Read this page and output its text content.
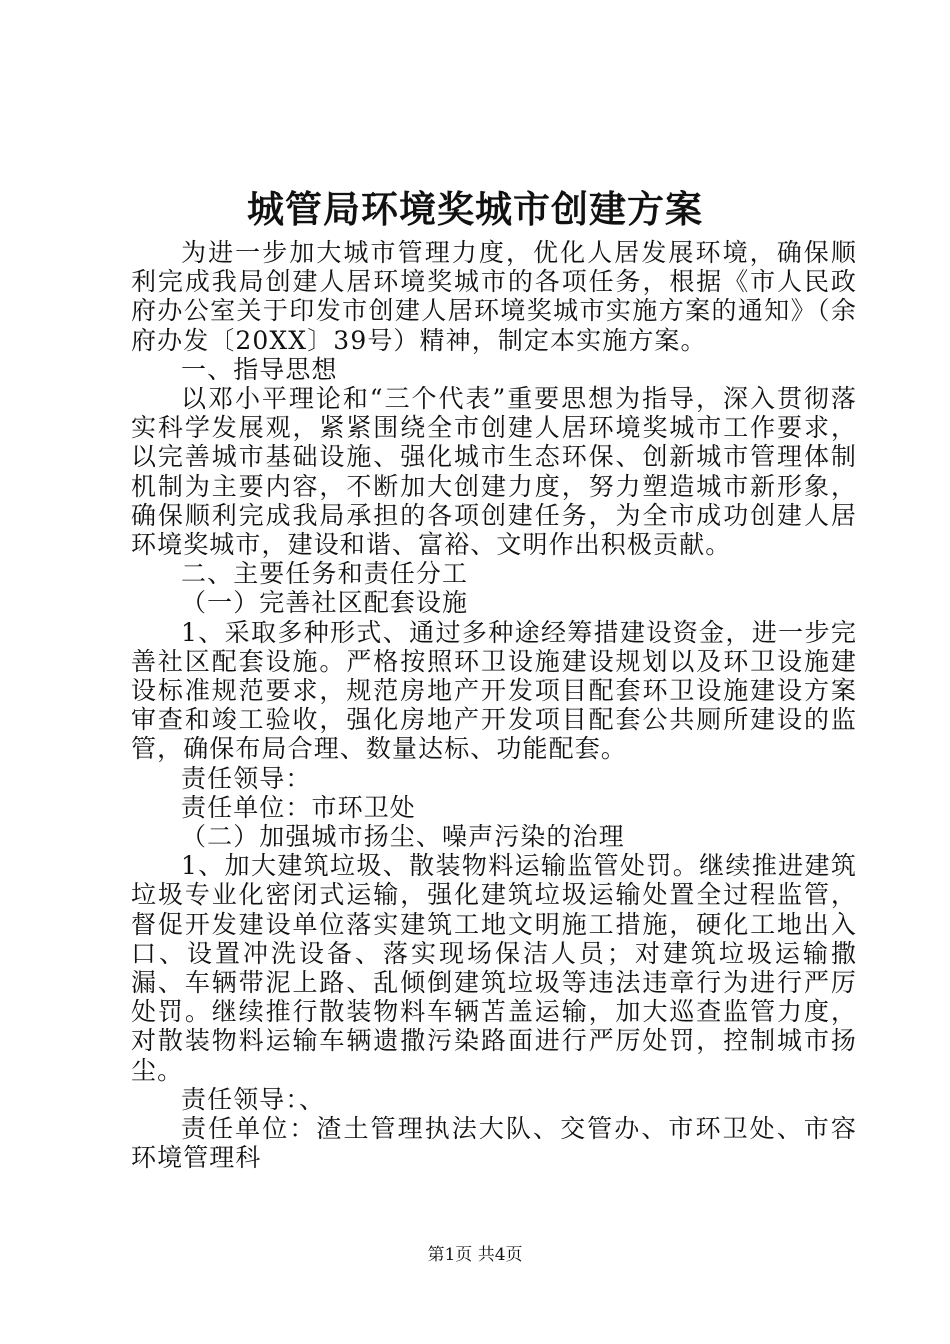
城管局环境奖城市创建方案

为进一步加大城市管理力度，优化人居发展环境，确保顺利完成我局创建人居环境奖城市的各项任务，根据《市人民政府办公室关于印发市创建人居环境奖城市实施方案的通知》（余府办发〔20XX〕39号）精神，制定本实施方案。

一、指导思想

以邓小平理论和“三个代表”重要思想为指导，深入贯彻落实科学发展观，紧紧围绕全市创建人居环境奖城市工作要求，以完善城市基础设施、强化城市生态环保、创新城市管理体制机制为主要内容，不断加大创建力度，努力塑造城市新形象，确保顺利完成我局承担的各项创建任务，为全市成功创建人居环境奖城市，建设和谐、富裕、文明作出积极贡献。

二、主要任务和责任分工

（一）完善社区配套设施

1、采取多种形式、通过多种途经筹措建设资金，进一步完善社区配套设施。严格按照环卫设施建设规划以及环卫设施建设标准规范要求，规范房地产开发项目配套环卫设施建设方案审查和竣工验收，强化房地产开发项目配套公共厕所建设的监管，确保布局合理、数量达标、功能配套。

责任领导：

责任单位：市环卫处

（二）加强城市扬尘、噪声污染的治理

1、加大建筑垃圾、散装物料运输监管处罚。继续推进建筑垃圾专业化密闭式运输，强化建筑垃圾运输处置全过程监管，督促开发建设单位落实建筑工地文明施工措施，硬化工地出入口、设置冲洗设备、落实现场保洁人员；对建筑垃圾运输撒漏、车辆带泥上路、乱倾倒建筑垃圾等违法违章行为进行严厉处罚。继续推行散装物料车辆苫盖运输，加大巡查监管力度，对散装物料运输车辆遗撒污染路面进行严厉处罚，控制城市扬尘。

责任领导：、

责任单位：渣土管理执法大队、交管办、市环卫处、市容环境管理科

第1页 共4页
